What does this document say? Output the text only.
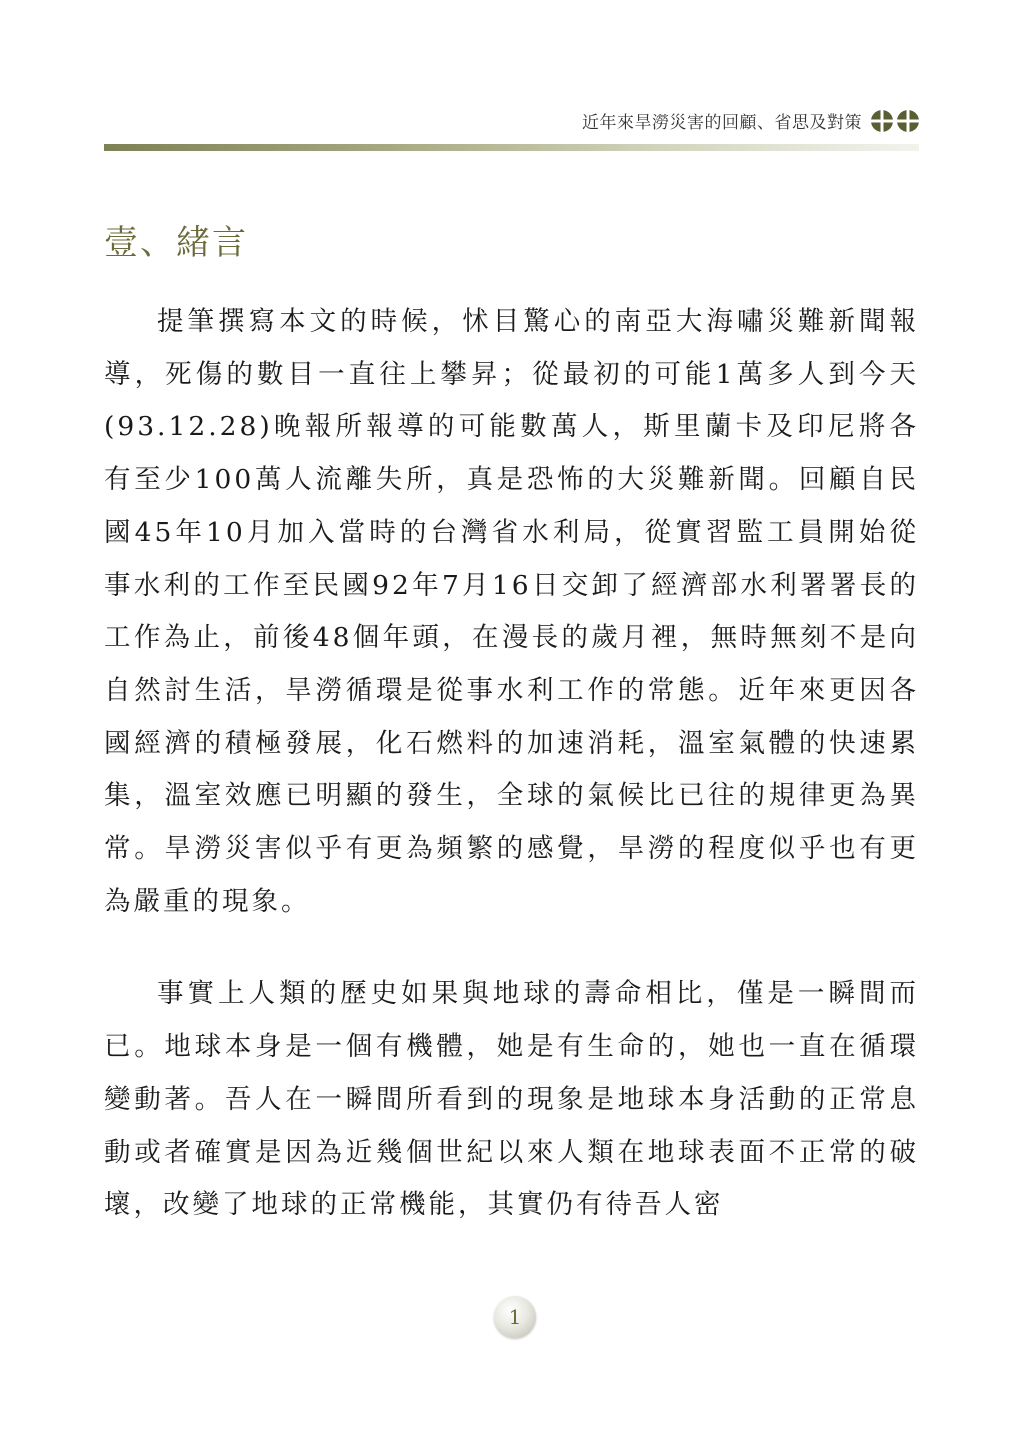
近年來旱澇災害的回顧、省思及對策
壹、緒言

提筆撰寫本文的時候，怵目驚心的南亞大海嘯災難新聞報導，死傷的數目一直往上攀昇；從最初的可能1萬多人到今天(93.12.28)晚報所報導的可能數萬人，斯里蘭卡及印尼將各有至少100萬人流離失所，真是恐怖的大災難新聞。回顧自民國45年10月加入當時的台灣省水利局，從實習監工員開始從事水利的工作至民國92年7月16日交卸了經濟部水利署署長的工作為止，前後48個年頭，在漫長的歲月裡，無時無刻不是向自然討生活，旱澇循環是從事水利工作的常態。近年來更因各國經濟的積極發展，化石燃料的加速消耗，溫室氣體的快速累集，溫室效應已明顯的發生，全球的氣候比已往的規律更為異常。旱澇災害似乎有更為頻繁的感覺，旱澇的程度似乎也有更為嚴重的現象。

事實上人類的歷史如果與地球的壽命相比，僅是一瞬間而已。地球本身是一個有機體，她是有生命的，她也一直在循環變動著。吾人在一瞬間所看到的現象是地球本身活動的正常息動或者確實是因為近幾個世紀以來人類在地球表面不正常的破壞，改變了地球的正常機能，其實仍有待吾人密

1
